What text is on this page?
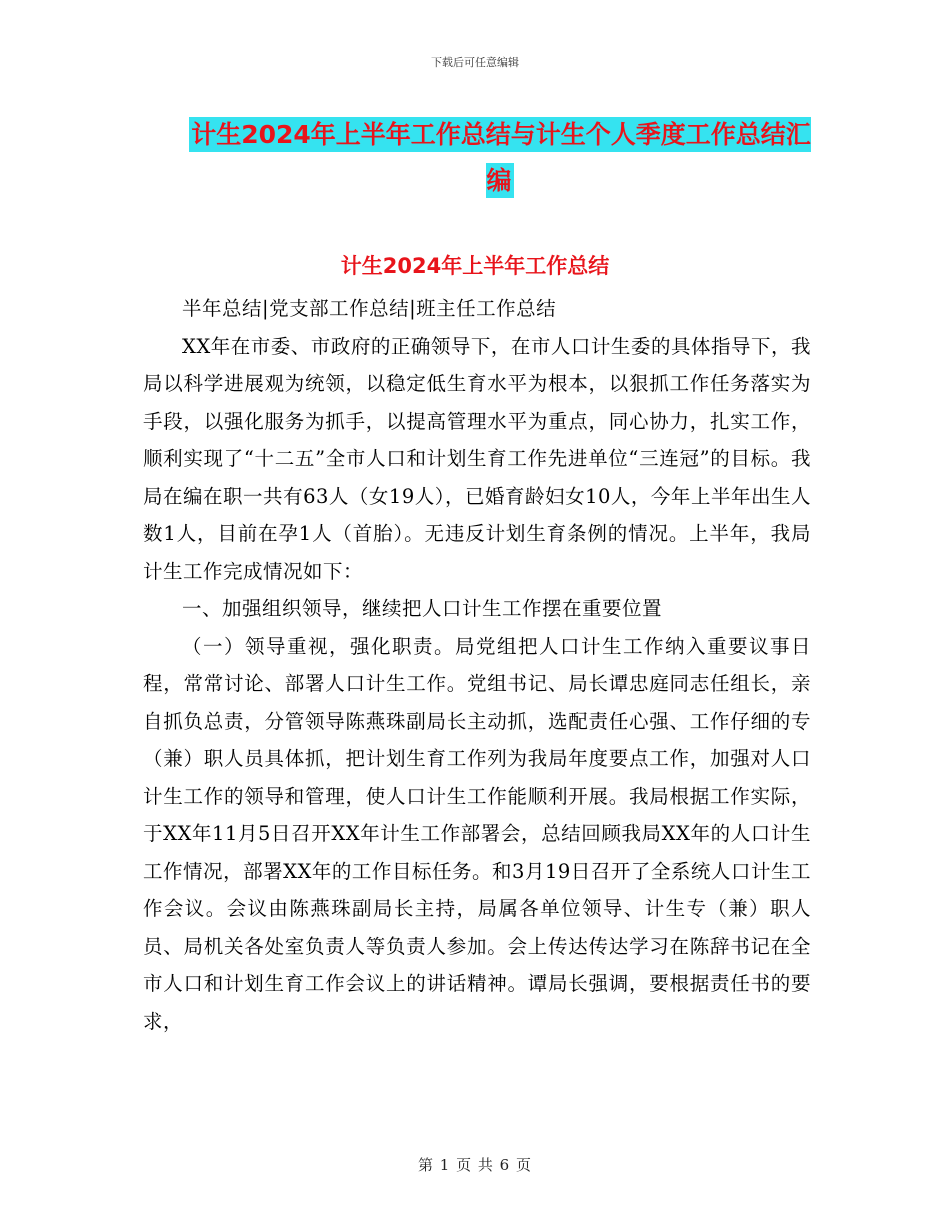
下载后可任意编辑
计生2024年上半年工作总结与计生个人季度工作总结汇编
计生2024年上半年工作总结

半年总结|党支部工作总结|班主任工作总结

XX年在市委、市政府的正确领导下，在市人口计生委的具体指导下，我局以科学进展观为统领，以稳定低生育水平为根本，以狠抓工作任务落实为手段，以强化服务为抓手，以提高管理水平为重点，同心协力，扎实工作，顺利实现了“十二五”全市人口和计划生育工作先进单位“三连冠”的目标。我局在编在职一共有63人（女19人），已婚育龄妇女10人，今年上半年出生人数1人，目前在孕1人（首胎）。无违反计划生育条例的情况。上半年，我局计生工作完成情况如下：

一、加强组织领导，继续把人口计生工作摆在重要位置

（一）领导重视，强化职责。局党组把人口计生工作纳入重要议事日程，常常讨论、部署人口计生工作。党组书记、局长谭忠庭同志任组长，亲自抓负总责，分管领导陈燕珠副局长主动抓，选配责任心强、工作仔细的专（兼）职人员具体抓，把计划生育工作列为我局年度要点工作，加强对人口计生工作的领导和管理，使人口计生工作能顺利开展。我局根据工作实际，于XX年11月5日召开XX年计生工作部署会，总结回顾我局XX年的人口计生工作情况，部署XX年的工作目标任务。和3月19日召开了全系统人口计生工作会议。会议由陈燕珠副局长主持，局属各单位领导、计生专（兼）职人员、局机关各处室负责人等负责人参加。会上传达传达学习在陈辞书记在全市人口和计划生育工作会议上的讲话精神。谭局长强调，要根据责任书的要求，

第 1 页 共 6 页
